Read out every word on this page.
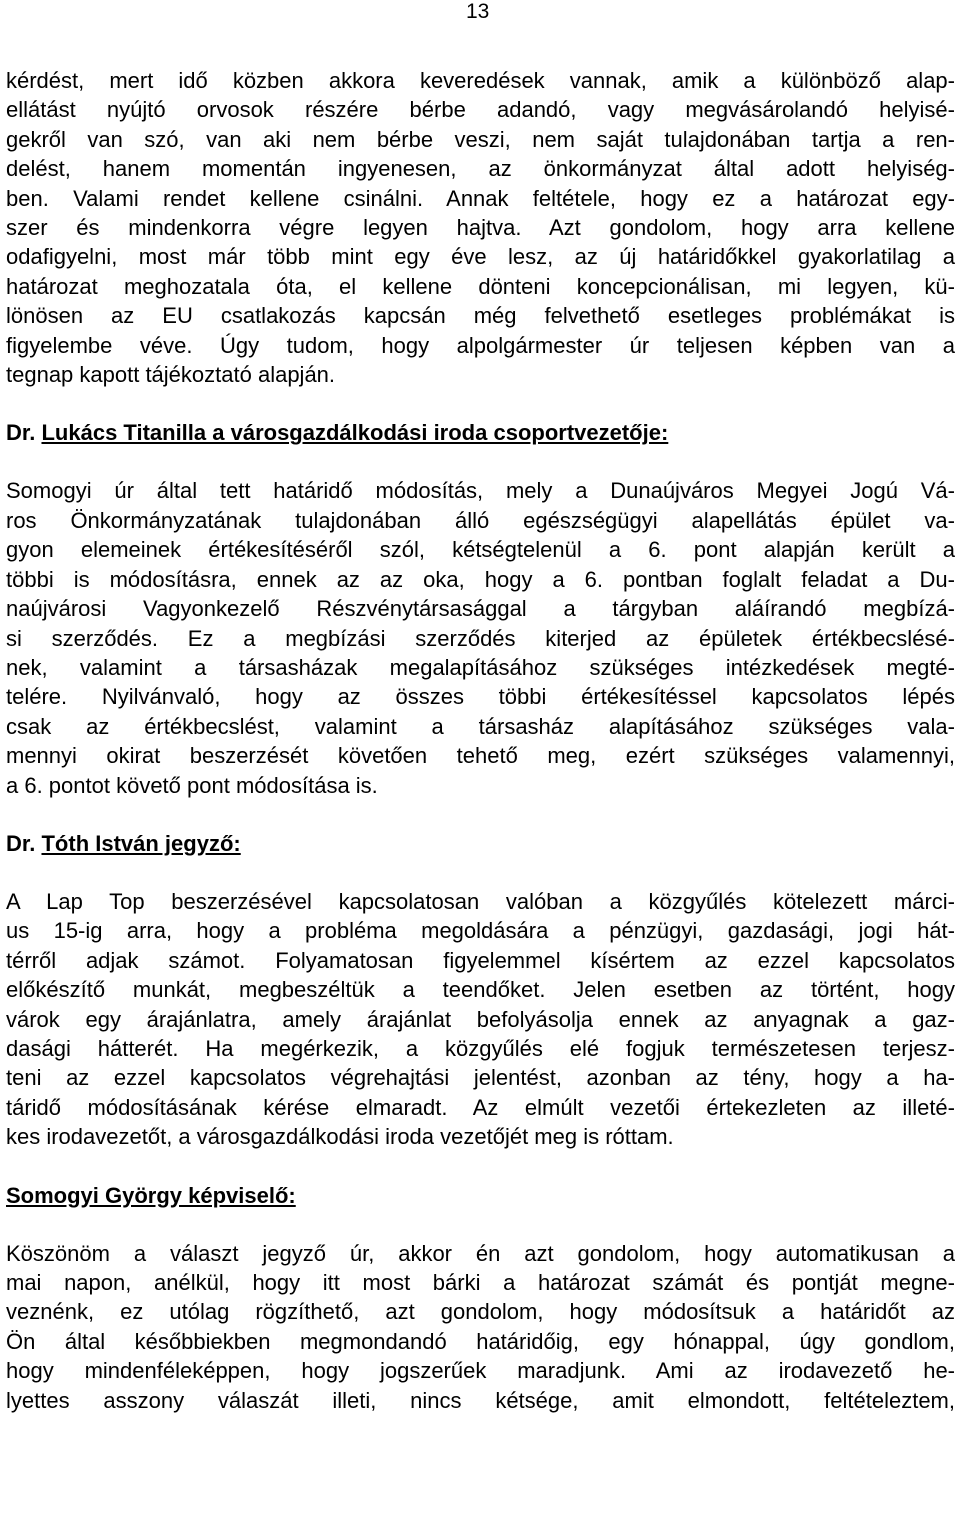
13

kérdést, mert idő közben akkora keveredések vannak, amik a különböző alap-
ellátást nyújtó orvosok részére bérbe adandó, vagy megvásárolandó helyisé-
gekről van szó, van aki nem bérbe veszi, nem saját tulajdonában tartja a ren-
delést, hanem momentán ingyenesen, az önkormányzat által adott helyiség-
ben. Valami rendet kellene csinálni. Annak feltétele, hogy ez a határozat egy-
szer és mindenkorra végre legyen hajtva. Azt gondolom, hogy arra kellene
odafigyelni, most már több mint egy éve lesz, az új határidőkkel gyakorlatilag a
határozat meghozatala óta, el kellene dönteni koncepcionálisan, mi legyen, kü-
lönösen az EU csatlakozás kapcsán még felvethető esetleges problémákat is
figyelembe véve. Úgy tudom, hogy alpolgármester úr teljesen képben van a
tegnap kapott tájékoztató alapján.

Dr. Lukács Titanilla a városgazdálkodási iroda csoportvezetője:

Somogyi úr által tett határidő módosítás, mely a Dunaújváros Megyei Jogú Vá-
ros Önkormányzatának tulajdonában álló egészségügyi alapellátás épület va-
gyon elemeinek értékesítéséről szól, kétségtelenül a 6. pont alapján került a
többi is módosításra, ennek az az oka, hogy a 6. pontban foglalt feladat a Du-
naújvárosi Vagyonkezelő Részvénytársasággal a tárgyban aláírandó megbízá-
si szerződés. Ez a megbízási szerződés kiterjed az épületek értékbecslésé-
nek, valamint a társasházak megalapításához szükséges intézkedések megté-
telére. Nyilvánvaló, hogy az összes többi értékesítéssel kapcsolatos lépés
csak az értékbecslést, valamint a társasház alapításához szükséges vala-
mennyi okirat beszerzését követően tehető meg, ezért szükséges valamennyi,
a 6. pontot követő pont módosítása is.

Dr. Tóth István jegyző:

A Lap Top beszerzésével kapcsolatosan valóban a közgyűlés kötelezett márci-
us 15-ig arra, hogy a probléma megoldására a pénzügyi, gazdasági, jogi hát-
térről adjak számot. Folyamatosan figyelemmel kísértem az ezzel kapcsolatos
előkészítő munkát, megbeszéltük a teendőket. Jelen esetben az történt, hogy
várok egy árajánlatra, amely árajánlat befolyásolja ennek az anyagnak a gaz-
dasági hátterét. Ha megérkezik, a közgyűlés elé fogjuk természetesen terjesz-
teni az ezzel kapcsolatos végrehajtási jelentést, azonban az tény, hogy a ha-
táridő módosításának kérése elmaradt. Az elmúlt vezetői értekezleten az illeté-
kes irodavezetőt, a városgazdálkodási iroda vezetőjét meg is róttam.

Somogyi György képviselő:

Köszönöm a választ jegyző úr, akkor én azt gondolom, hogy automatikusan a
mai napon, anélkül, hogy itt most bárki a határozat számát és pontját megne-
veznénk, ez utólag rögzíthető, azt gondolom, hogy módosítsuk a határidőt az
Ön által későbbiekben megmondandó határidőig, egy hónappal, úgy gondlom,
hogy mindenféleképpen, hogy jogszerűek maradjunk. Ami az irodavezető he-
lyettes asszony válaszát illeti, nincs kétsége, amit elmondott, feltételeztem,
